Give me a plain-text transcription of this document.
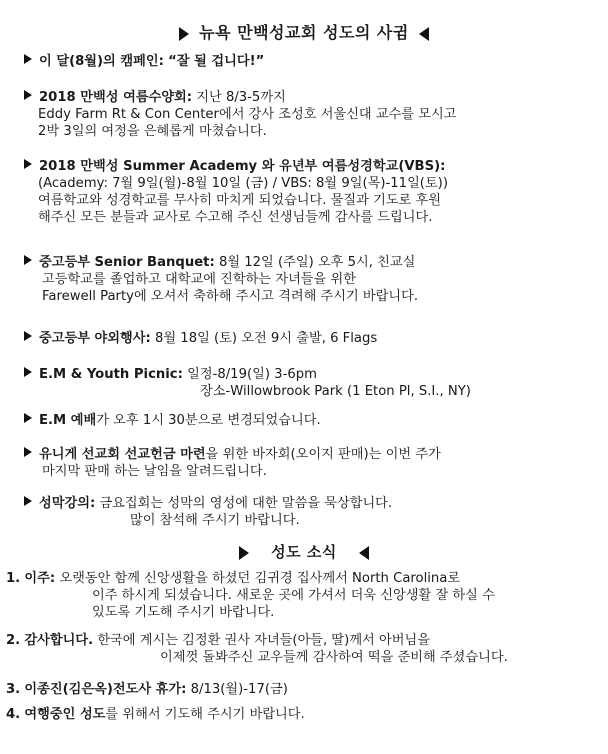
뉴욕 만백성교회 성도의 사귐
이 달(8월)의 캠페인: “잘 될 겁니다!”
2018 만백성 여름수양회: 지난 8/3-5까지
Eddy Farm Rt & Con Center에서 강사 조성호 서울신대 교수를 모시고
2박 3일의 여정을 은혜롭게 마쳤습니다.
2018 만백성 Summer Academy 와 유년부 여름성경학교(VBS):
(Academy: 7월 9일(월)-8월 10일 (금) / VBS: 8월 9일(목)-11일(토))
여름학교와 성경학교를 무사히 마치게 되었습니다. 물질과 기도로 후원
해주신 모든 분들과 교사로 수고해 주신 선생님들께 감사를 드립니다.
중고등부 Senior Banquet: 8월 12일 (주일) 오후 5시, 친교실
고등학교를 졸업하고 대학교에 진학하는 자녀들을 위한
Farewell Party에 오셔서 축하해 주시고 격려해 주시기 바랍니다.
중고등부 야외행사: 8월 18일 (토) 오전 9시 출발, 6 Flags
E.M & Youth Picnic: 일정-8/19(일) 3-6pm
장소-Willowbrook Park (1 Eton Pl, S.I., NY)
E.M 예배가 오후 1시 30분으로 변경되었습니다.
유니게 선교회 선교헌금 마련을 위한 바자회(오이지 판매)는 이번 주가
마지막 판매 하는 날임을 알려드립니다.
성막강의: 금요집회는 성막의 영성에 대한 말씀을 묵상합니다.
많이 참석해 주시기 바랍니다.
성도 소식
1. 이주: 오랫동안 함께 신앙생활을 하셨던 김귀경 집사께서 North Carolina로
이주 하시게 되셨습니다. 새로운 곳에 가셔서 더욱 신앙생활 잘 하실 수
있도록 기도해 주시기 바랍니다.
2. 감사합니다. 한국에 계시는 김정환 권사 자녀들(아들, 딸)께서 아버님을
이제껏 돌봐주신 교우들께 감사하여 떡을 준비해 주셨습니다.
3. 이종진(김은옥)전도사 휴가: 8/13(월)-17(금)
4. 여행중인 성도를 위해서 기도해 주시기 바랍니다.
